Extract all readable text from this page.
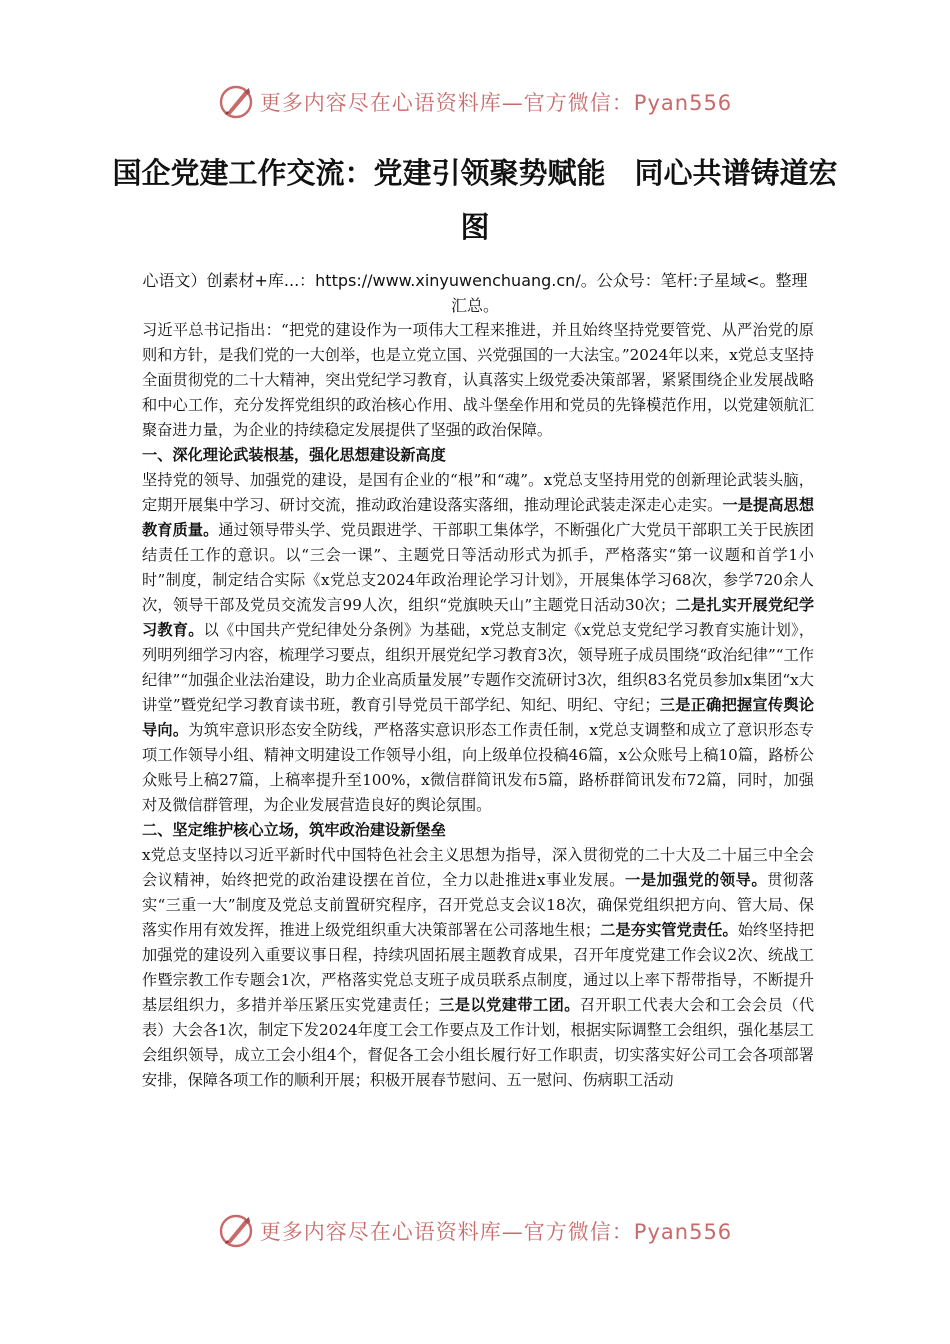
更多内容尽在心语资料库—官方微信：Pyan556
国企党建工作交流：党建引领聚势赋能　同心共谱铸道宏图
心语文）创素材+库...：https://www.xinyuwenchuang.cn/。公众号：笔杆:子星域<。整理汇总。

习近平总书记指出：“把党的建设作为一项伟大工程来推进，并且始终坚持党要管党、从严治党的原则和方针，是我们党的一大创举，也是立党立国、兴党强国的一大法宝。”2024年以来，x党总支坚持全面贯彻党的二十大精神，突出党纪学习教育，认真落实上级党委决策部署，紧紧围绕企业发展战略和中心工作，充分发挥党组织的政治核心作用、战斗堡垒作用和党员的先锋模范作用，以党建领航汇聚奋进力量，为企业的持续稳定发展提供了坚强的政治保障。

一、深化理论武装根基，强化思想建设新高度

坚持党的领导、加强党的建设，是国有企业的“根”和“魂”。x党总支坚持用党的创新理论武装头脑，定期开展集中学习、研讨交流，推动政治建设落实落细，推动理论武装走深走心走实。一是提高思想教育质量。通过领导带头学、党员跟进学、干部职工集体学，不断强化广大党员干部职工关于民族团结责任工作的意识。以“三会一课”、主题党日等活动形式为抓手，严格落实“第一议题和首学1小时”制度，制定结合实际《x党总支2024年政治理论学习计划》，开展集体学习68次，参学720余人次，领导干部及党员交流发言99人次，组织“党旗映天山”主题党日活动30次；二是扎实开展党纪学习教育。以《中国共产党纪律处分条例》为基础，x党总支制定《x党总支党纪学习教育实施计划》，列明列细学习内容，梳理学习要点，组织开展党纪学习教育3次，领导班子成员围绕“政治纪律”“工作纪律”“加强企业法治建设，助力企业高质量发展”专题作交流研讨3次，组织83名党员参加x集团“x大讲堂”暨党纪学习教育读书班，教育引导党员干部学纪、知纪、明纪、守纪；三是正确把握宣传舆论导向。为筑牢意识形态安全防线，严格落实意识形态工作责任制，x党总支调整和成立了意识形态专项工作领导小组、精神文明建设工作领导小组，向上级单位投稿46篇，x公众账号上稿10篇，路桥公众账号上稿27篇，上稿率提升至100%，x微信群简讯发布5篇，路桥群简讯发布72篇，同时，加强对及微信群管理，为企业发展营造良好的舆论氛围。

二、坚定维护核心立场，筑牢政治建设新堡垒

x党总支坚持以习近平新时代中国特色社会主义思想为指导，深入贯彻党的二十大及二十届三中全会会议精神，始终把党的政治建设摆在首位，全力以赴推进x事业发展。一是加强党的领导。贯彻落实“三重一大”制度及党总支前置研究程序，召开党总支会议18次，确保党组织把方向、管大局、保落实作用有效发挥，推进上级党组织重大决策部署在公司落地生根；二是夯实管党责任。始终坚持把加强党的建设列入重要议事日程，持续巩固拓展主题教育成果，召开年度党建工作会议2次、统战工作暨宗教工作专题会1次，严格落实党总支班子成员联系点制度，通过以上率下帮带指导，不断提升基层组织力，多措并举压紧压实党建责任；三是以党建带工团。召开职工代表大会和工会会员（代表）大会各1次，制定下发2024年度工会工作要点及工作计划，根据实际调整工会组织，强化基层工会组织领导，成立工会小组4个，督促各工会小组长履行好工作职责，切实落实好公司工会各项部署安排，保障各项工作的顺利开展；积极开展春节慰问、五一慰问、伤病职工活动

更多内容尽在心语资料库—官方微信：Pyan556
